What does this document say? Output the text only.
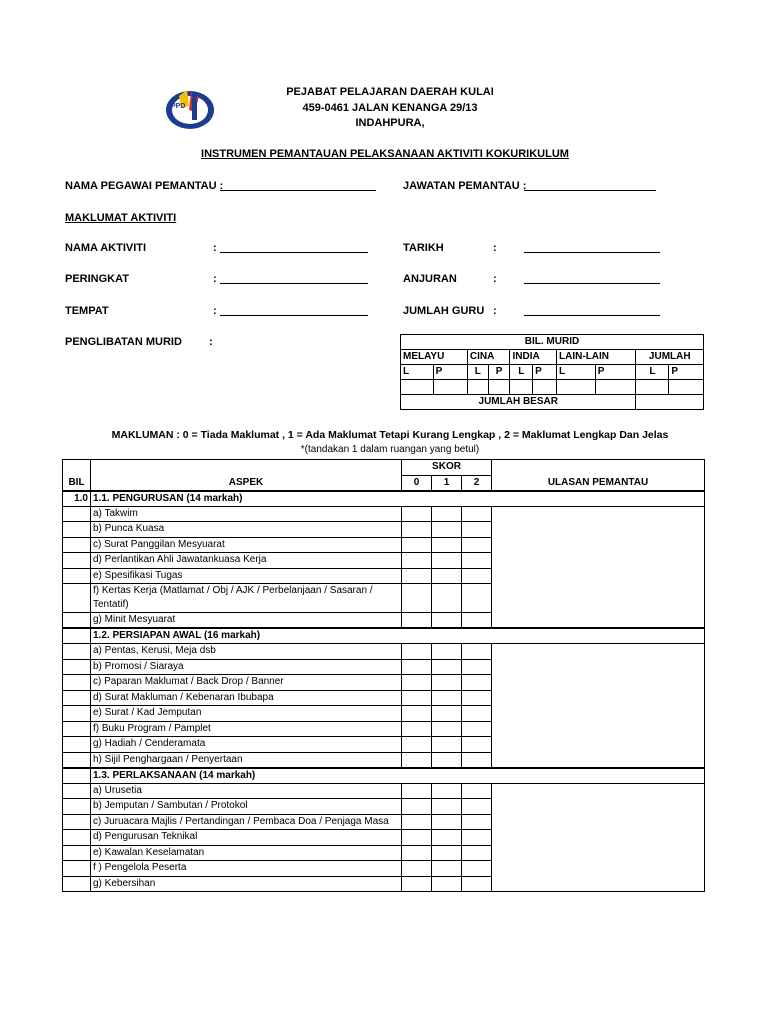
PPD
PEJABAT PELAJARAN DAERAH KULAI
459-0461 JALAN KENANGA 29/13
INDAHPURA,
INSTRUMEN PEMANTAUAN PELAKSANAAN AKTIVITI KOKURIKULUM
NAMA PEGAWAI PEMANTAU :	JAWATAN PEMANTAU :
MAKLUMAT AKTIVITI
NAMA AKTIVITI	:	TARIKH	:
PERINGKAT	:	ANJURAN	:
TEMPAT	:	JUMLAH GURU :
PENGLIBATAN MURID :	BIL. MURID									
MELAYU		CINA		INDIA		LAIN-LAIN		JUMLAH	
L	P	L	P	L	P	L	P	L	P

JUMLAH BESAR									
MAKLUMAN : 0 = Tiada Maklumat , 1 = Ada Maklumat Tetapi Kurang Lengkap , 2 = Maklumat Lengkap Dan Jelas
*(tandakan 1 dalam ruangan yang betul)
BIL	ASPEK	SKOR			ULASAN PEMANTAU
		0	1	2	
1.0	1.1. PENGURUSAN (14 markah)				
	a) Takwim				
	b) Punca Kuasa				
	c) Surat Panggilan Mesyuarat				
	d) Perlantikan Ahli Jawatankuasa Kerja				
	e) Spesifikasi Tugas				
	f) Kertas Kerja (Matlamat / Obj / AJK / Perbelanjaan / Sasaran / Tentatif)				
	g) Minit Mesyuarat				
	1.2. PERSIAPAN AWAL (16 markah)				
	a) Pentas, Kerusi, Meja dsb				
	b) Promosi / Siaraya				
	c) Paparan Maklumat / Back Drop / Banner				
	d) Surat Makluman / Kebenaran Ibubapa				
	e) Surat / Kad Jemputan				
	f) Buku Program / Pamplet				
	g) Hadiah / Cenderamata				
	h) Sijil Penghargaan / Penyertaan				
	1.3. PERLAKSANAAN (14 markah)				
	a) Urusetia				
	b) Jemputan / Sambutan / Protokol				
	c) Juruacara Majlis / Pertandingan / Pembaca Doa / Penjaga Masa				
	d) Pengurusan Teknikal				
	e) Kawalan Keselamatan				
	f ) Pengelola Peserta				
	g) Kebersihan				
